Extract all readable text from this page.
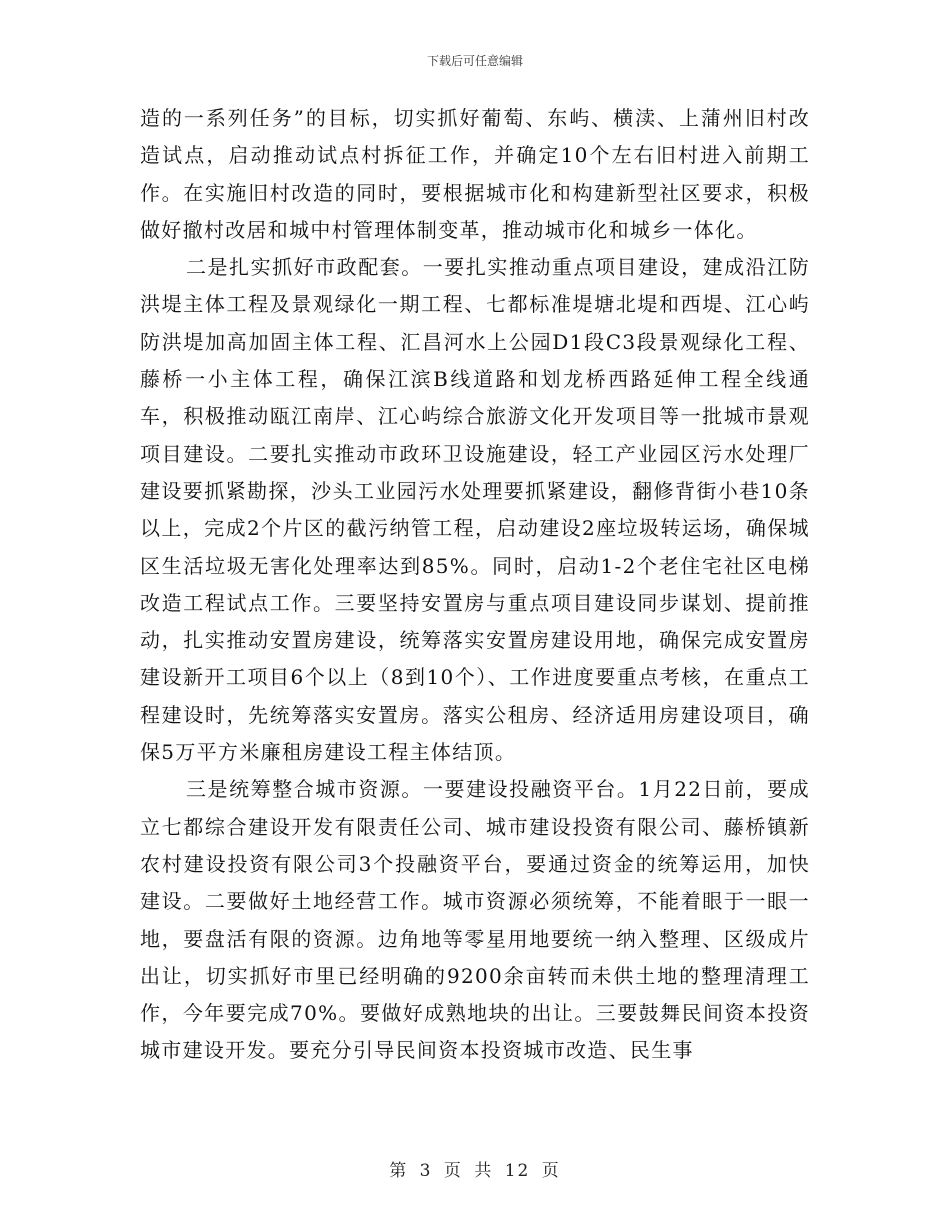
下载后可任意编辑

造的一系列任务”的目标，切实抓好葡萄、东屿、横渎、上蒲州旧村改造试点，启动推动试点村拆征工作，并确定10个左右旧村进入前期工作。在实施旧村改造的同时，要根据城市化和构建新型社区要求，积极做好撤村改居和城中村管理体制变革，推动城市化和城乡一体化。

二是扎实抓好市政配套。一要扎实推动重点项目建设，建成沿江防洪堤主体工程及景观绿化一期工程、七都标准堤塘北堤和西堤、江心屿防洪堤加高加固主体工程、汇昌河水上公园D1段C3段景观绿化工程、藤桥一小主体工程，确保江滨B线道路和划龙桥西路延伸工程全线通车，积极推动瓯江南岸、江心屿综合旅游文化开发项目等一批城市景观项目建设。二要扎实推动市政环卫设施建设，轻工产业园区污水处理厂建设要抓紧勘探，沙头工业园污水处理要抓紧建设，翻修背街小巷10条以上，完成2个片区的截污纳管工程，启动建设2座垃圾转运场，确保城区生活垃圾无害化处理率达到85%。同时，启动1-2个老住宅社区电梯改造工程试点工作。三要坚持安置房与重点项目建设同步谋划、提前推动，扎实推动安置房建设，统筹落实安置房建设用地，确保完成安置房建设新开工项目6个以上（8到10个）、工作进度要重点考核，在重点工程建设时，先统筹落实安置房。落实公租房、经济适用房建设项目，确保5万平方米廉租房建设工程主体结顶。

三是统筹整合城市资源。一要建设投融资平台。1月22日前，要成立七都综合建设开发有限责任公司、城市建设投资有限公司、藤桥镇新农村建设投资有限公司3个投融资平台，要通过资金的统筹运用，加快建设。二要做好土地经营工作。城市资源必须统筹，不能着眼于一眼一地，要盘活有限的资源。边角地等零星用地要统一纳入整理、区级成片出让，切实抓好市里已经明确的9200余亩转而未供土地的整理清理工作，今年要完成70%。要做好成熟地块的出让。三要鼓舞民间资本投资城市建设开发。要充分引导民间资本投资城市改造、民生事

第 3 页 共 12 页
